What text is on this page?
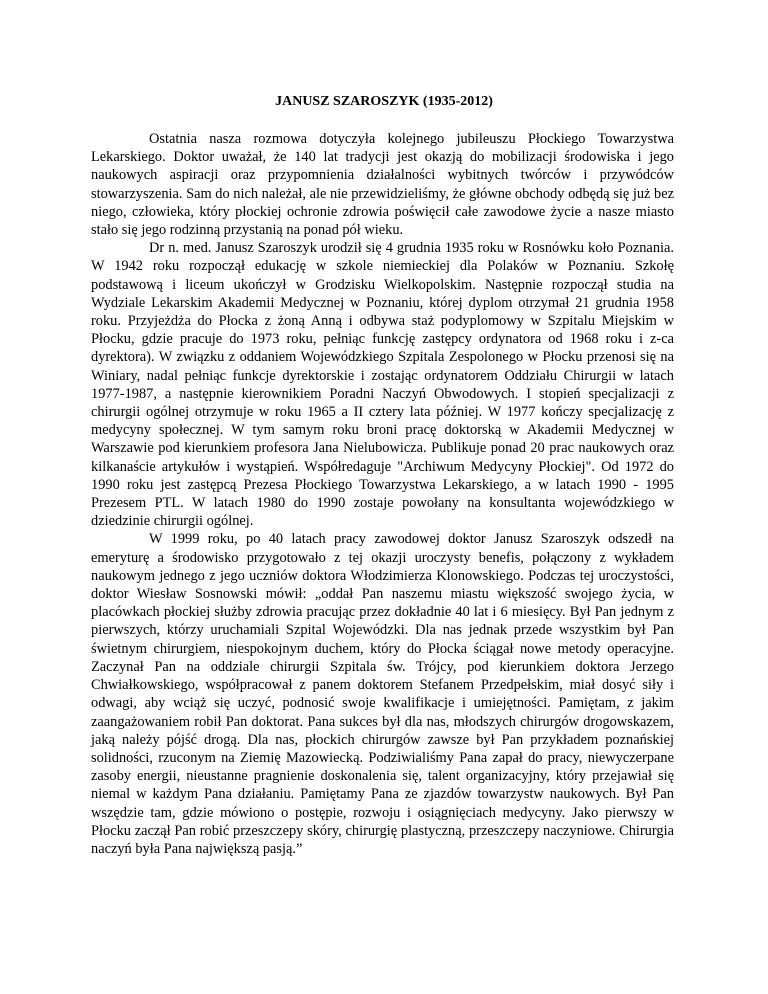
JANUSZ SZAROSZYK (1935-2012)

Ostatnia nasza rozmowa dotyczyła kolejnego jubileuszu Płockiego Towarzystwa Lekarskiego. Doktor uważał, że 140 lat tradycji jest okazją do mobilizacji środowiska i jego naukowych aspiracji oraz przypomnienia działalności wybitnych twórców i przywódców stowarzyszenia. Sam do nich należał, ale nie przewidzieliśmy, że główne obchody odbędą się już bez niego, człowieka, który płockiej ochronie zdrowia poświęcił całe zawodowe życie a nasze miasto stało się jego rodzinną przystanią na ponad pół wieku.

Dr n. med. Janusz Szaroszyk urodził się 4 grudnia 1935 roku w Rosnówku koło Poznania. W 1942 roku rozpoczął edukację w szkole niemieckiej dla Polaków w Poznaniu. Szkołę podstawową i liceum ukończył w Grodzisku Wielkopolskim. Następnie rozpoczął studia na Wydziale Lekarskim Akademii Medycznej w Poznaniu, której dyplom otrzymał 21 grudnia 1958 roku. Przyjeżdża do Płocka z żoną Anną i odbywa staż podyplomowy w Szpitalu Miejskim w Płocku, gdzie pracuje do 1973 roku, pełniąc funkcję zastępcy ordynatora od 1968 roku i z-ca dyrektora). W związku z oddaniem Wojewódzkiego Szpitala Zespolonego w Płocku przenosi się na Winiary, nadal pełniąc funkcje dyrektorskie i zostając ordynatorem Oddziału Chirurgii w latach 1977-1987, a następnie kierownikiem Poradni Naczyń Obwodowych. I stopień specjalizacji z chirurgii ogólnej otrzymuje w roku 1965 a II cztery lata później. W 1977 kończy specjalizację z medycyny społecznej. W tym samym roku broni pracę doktorską w Akademii Medycznej w Warszawie pod kierunkiem profesora Jana Nielubowicza. Publikuje ponad 20 prac naukowych oraz kilkanaście artykułów i wystąpień. Współredaguje "Archiwum Medycyny Płockiej". Od 1972 do 1990 roku jest zastępcą Prezesa Płockiego Towarzystwa Lekarskiego, a w latach 1990 - 1995 Prezesem PTL. W latach 1980 do 1990 zostaje powołany na konsultanta wojewódzkiego w dziedzinie chirurgii ogólnej.

W 1999 roku, po 40 latach pracy zawodowej doktor Janusz Szaroszyk odszedł na emeryturę a środowisko przygotowało z tej okazji uroczysty benefis, połączony z wykładem naukowym jednego z jego uczniów doktora Włodzimierza Klonowskiego. Podczas tej uroczystości, doktor Wiesław Sosnowski mówił: „oddał Pan naszemu miastu większość swojego życia, w placówkach płockiej służby zdrowia pracując przez dokładnie 40 lat i 6 miesięcy. Był Pan jednym z pierwszych, którzy uruchamiali Szpital Wojewódzki. Dla nas jednak przede wszystkim był Pan świetnym chirurgiem, niespokojnym duchem, który do Płocka ściągał nowe metody operacyjne. Zaczynał Pan na oddziale chirurgii Szpitala św. Trójcy, pod kierunkiem doktora Jerzego Chwiałkowskiego, współpracował z panem doktorem Stefanem Przedpełskim, miał dosyć siły i odwagi, aby wciąż się uczyć, podnosić swoje kwalifikacje i umiejętności. Pamiętam, z jakim zaangażowaniem robił Pan doktorat. Pana sukces był dla nas, młodszych chirurgów drogowskazem, jaką należy pójść drogą. Dla nas, płockich chirurgów zawsze był Pan przykładem poznańskiej solidności, rzuconym na Ziemię Mazowiecką. Podziwialiśmy Pana zapał do pracy, niewyczerpane zasoby energii, nieustanne pragnienie doskonalenia się, talent organizacyjny, który przejawiał się niemal w każdym Pana działaniu. Pamiętamy Pana ze zjazdów towarzystw naukowych. Był Pan wszędzie tam, gdzie mówiono o postępie, rozwoju i osiągnięciach medycyny. Jako pierwszy w Płocku zaczął Pan robić przeszczepy skóry, chirurgię plastyczną, przeszczepy naczyniowe. Chirurgia naczyń była Pana największą pasją.”
